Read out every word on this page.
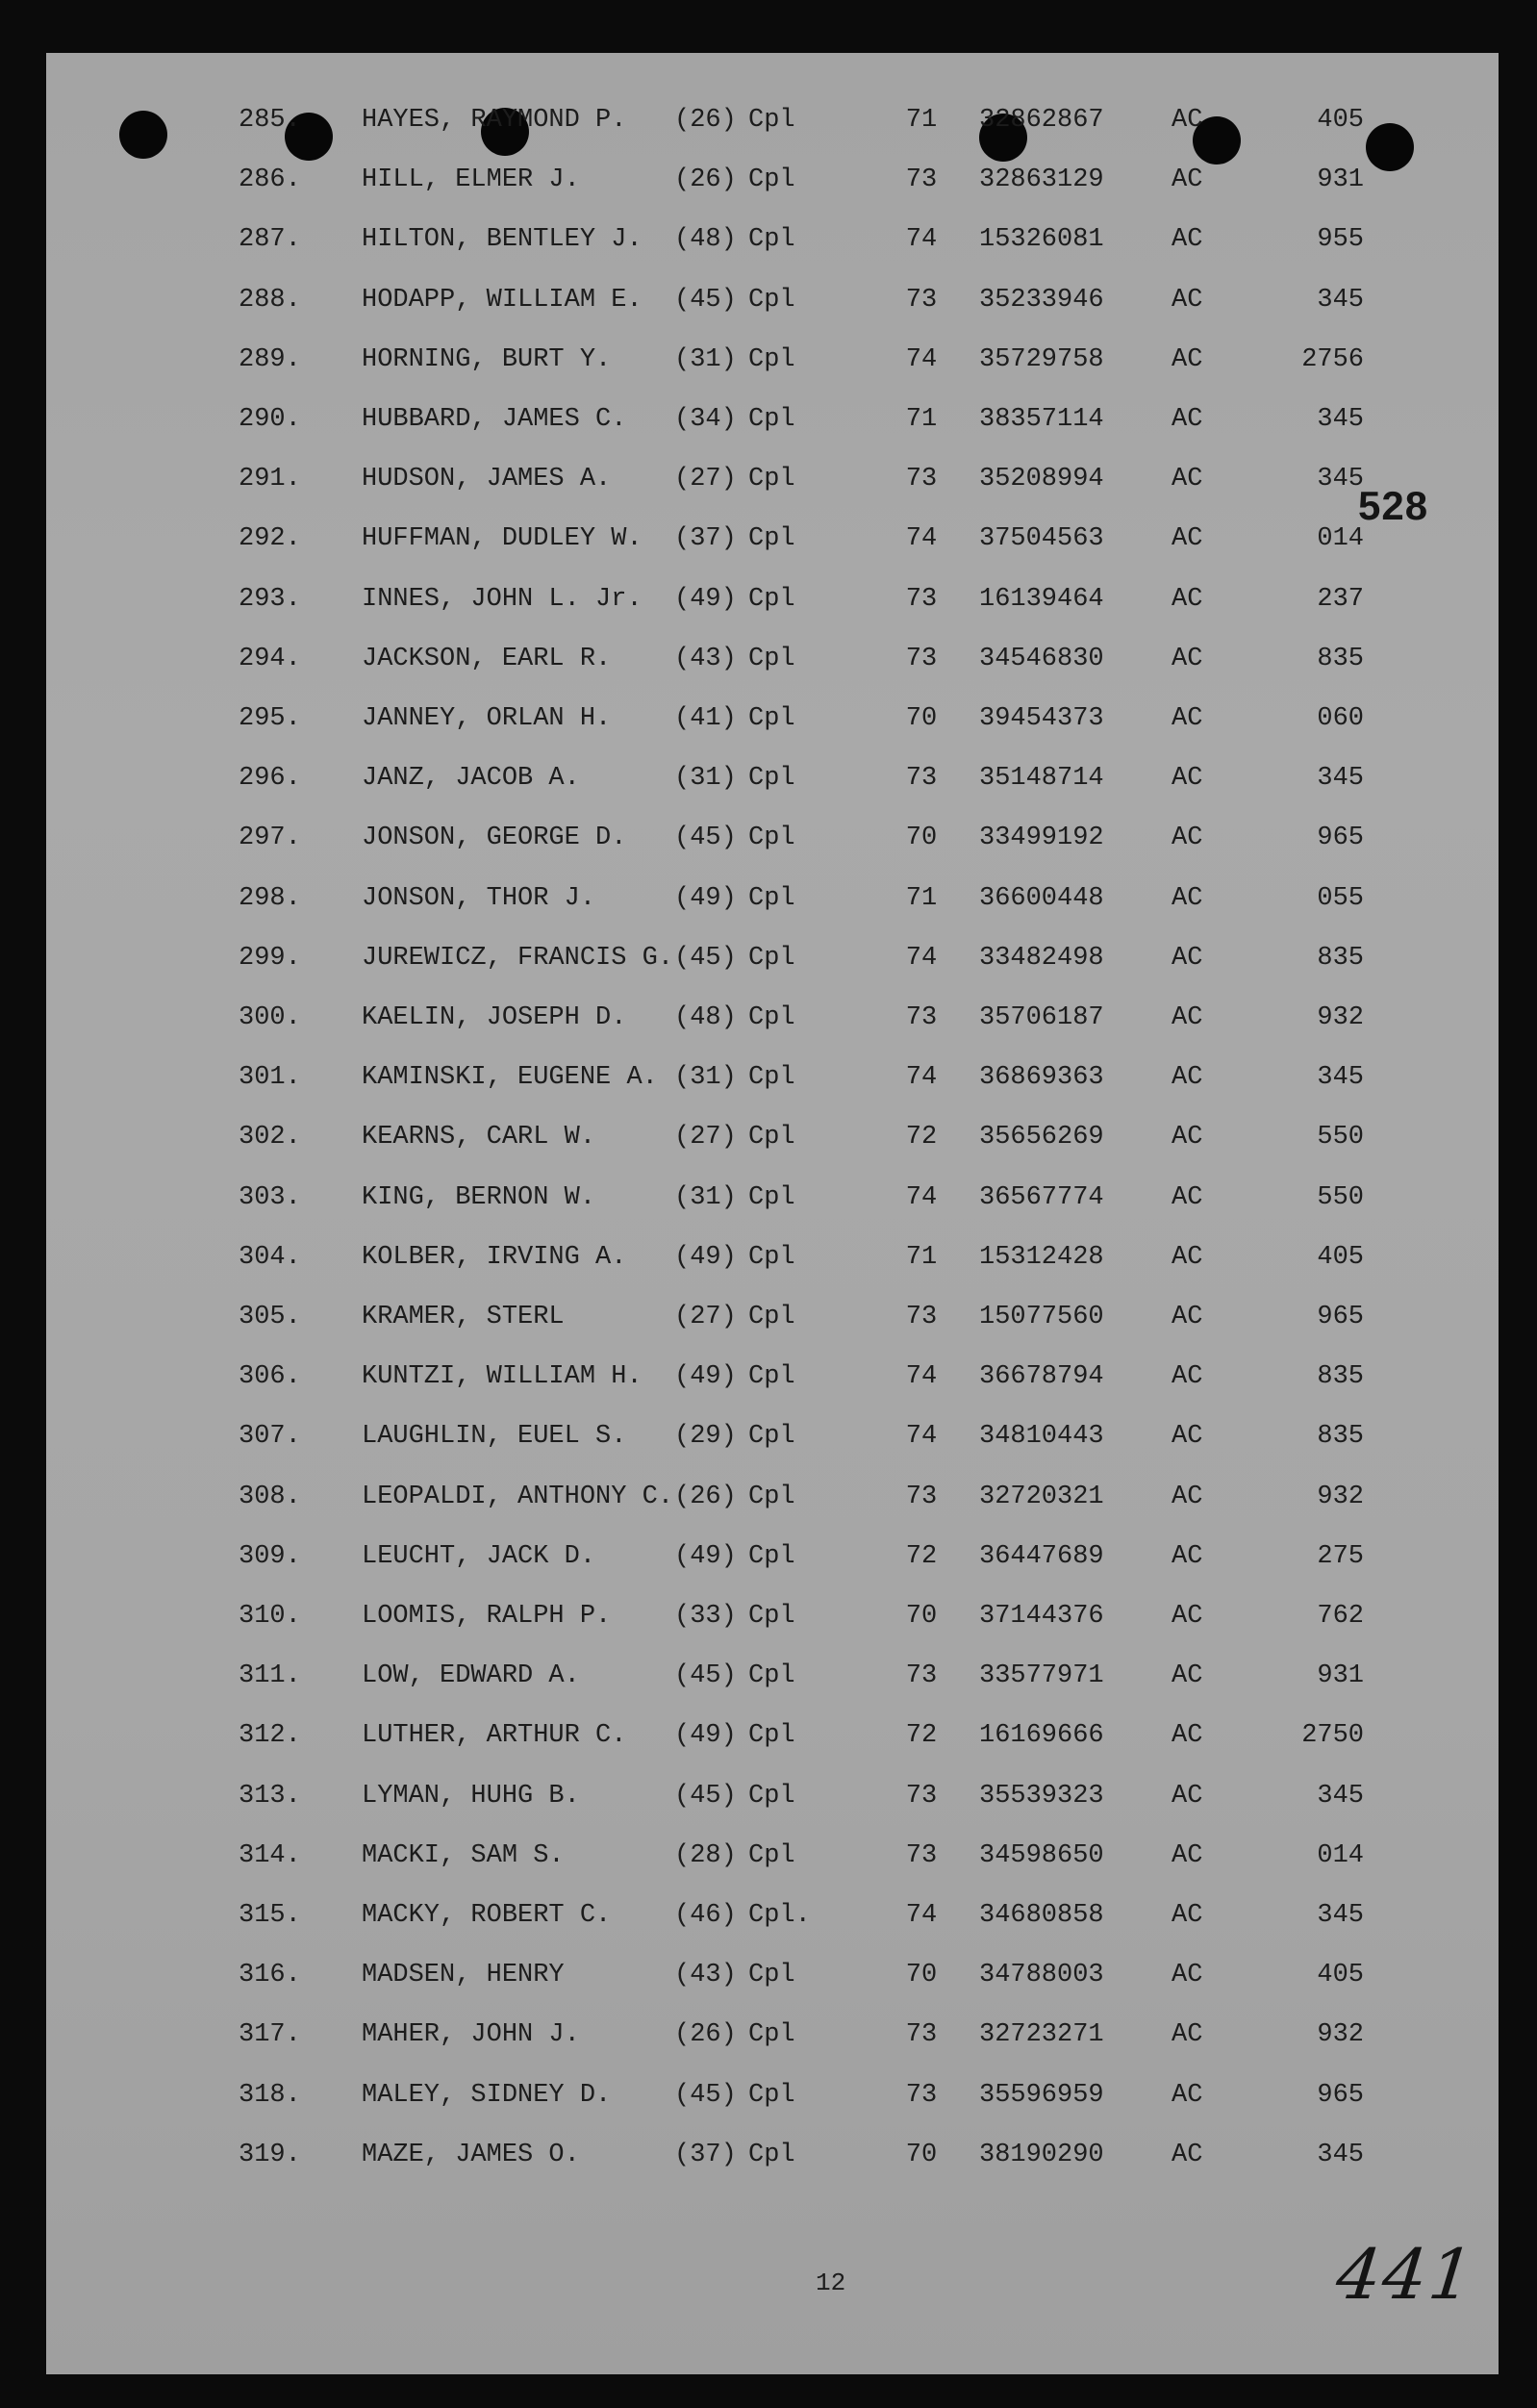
528
285.	HAYES, RAYMOND P. (26) Cpl	71	32862867	AC	405
286.	HILL, ELMER J.	(26) Cpl	73	32863129	AC	931
287.	HILTON, BENTLEY J. (48) Cpl	74	15326081	AC	955
288.	HODAPP, WILLIAM E. (45) Cpl	73	35233946	AC	345
289.	HORNING, BURT Y. (31) Cpl	74	35729758	AC	2756
290.	HUBBARD, JAMES C. (34) Cpl	71	38357114	AC	345
291.	HUDSON, JAMES A. (27) Cpl	73	35208994	AC	345
292.	HUFFMAN, DUDLEY W. (37) Cpl	74	37504563	AC	014
293.	INNES, JOHN L. Jr. (49) Cpl	73	16139464	AC	237
294.	JACKSON, EARL R. (43) Cpl	73	34546830	AC	835
295.	JANNEY, ORLAN H. (41) Cpl	70	39454373	AC	060
296.	JANZ, JACOB A.	(31) Cpl	73	35148714	AC	345
297.	JONSON, GEORGE D. (45) Cpl	70	33499192	AC	965
298.	JONSON, THOR J.	(49) Cpl	71	36600448	AC	055
299.	JUREWICZ, FRANCIS G. (45) Cpl	74	33482498	AC	835
300.	KAELIN, JOSEPH D. (48) Cpl	73	35706187	AC	932
301.	KAMINSKI, EUGENE A. (31) Cpl	74	36869363	AC	345
302.	KEARNS, CARL W.	(27) Cpl	72	35656269	AC	550
303.	KING, BERNON W.	(31) Cpl	74	36567774	AC	550
304.	KOLBER, IRVING A. (49) Cpl	71	15312428	AC	405
305.	KRAMER, STERL	(27) Cpl	73	15077560	AC	965
306.	KUNTZI, WILLIAM H. (49) Cpl	74	36678794	AC	835
307.	LAUGHLIN, EUEL S. (29) Cpl	74	34810443	AC	835
308.	LEOPALDI, ANTHONY C. (26) Cpl	73	32720321	AC	932
309.	LEUCHT, JACK D.	(49) Cpl	72	36447689	AC	275
310.	LOOMIS, RALPH P. (33) Cpl	70	37144376	AC	762
311.	LOW, EDWARD A.	(45) Cpl	73	33577971	AC	931
312.	LUTHER, ARTHUR C. (49) Cpl	72	16169666	AC	2750
313.	LYMAN, HUHG B.	(45) Cpl	73	35539323	AC	345
314.	MACKI, SAM S.	(28) Cpl	73	34598650	AC	014
315.	MACKY, ROBERT C. (46) Cpl.	74	34680858	AC	345
316.	MADSEN, HENRY	(43) Cpl	70	34788003	AC	405
317.	MAHER, JOHN J.	(26) Cpl	73	32723271	AC	932
318.	MALEY, SIDNEY D. (45) Cpl	73	35596959	AC	965
319.	MAZE, JAMES O.	(37) Cpl	70	38190290	AC	345
12	441
